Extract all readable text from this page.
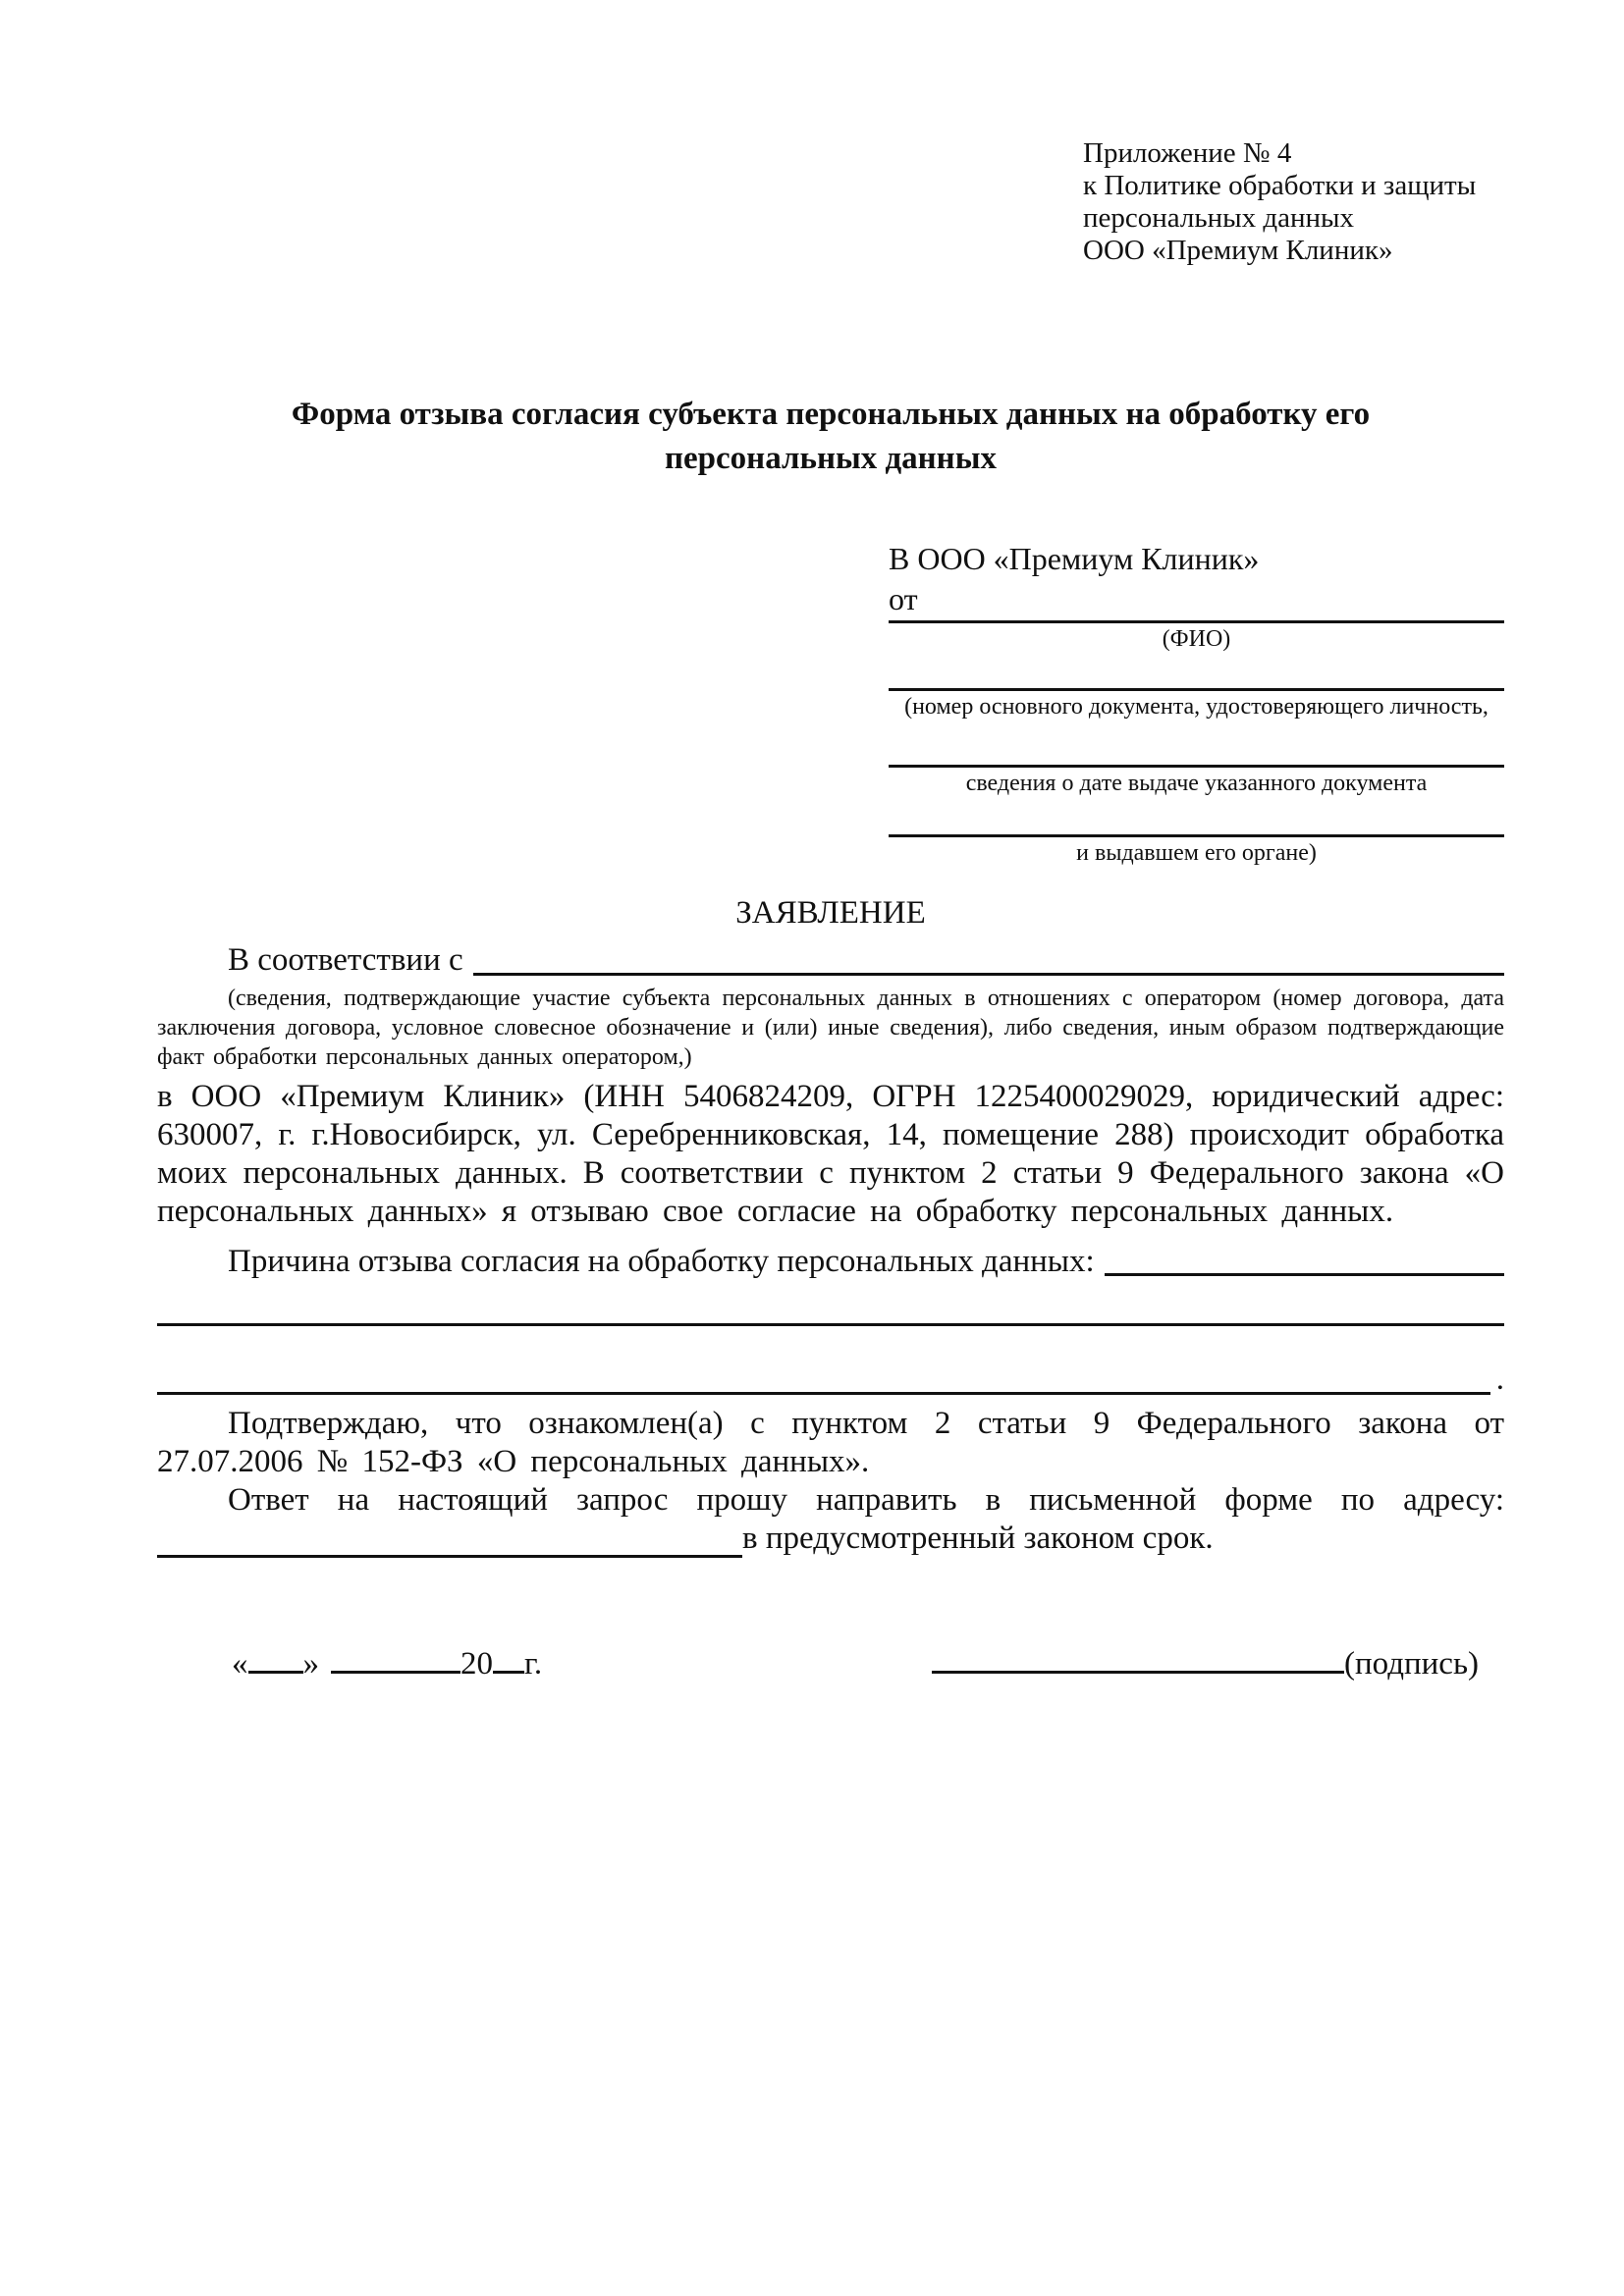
Приложение № 4
к Политике обработки и защиты
персональных данных
ООО «Премиум Клиник»
Форма отзыва согласия субъекта персональных данных на обработку его персональных данных
В ООО «Премиум Клиник»
от
(ФИО)
(номер основного документа, удостоверяющего личность,
сведения о дате выдаче указанного документа
и выдавшем его органе)
ЗАЯВЛЕНИЕ
В соответствии с
(сведения, подтверждающие участие субъекта персональных данных в отношениях с оператором (номер договора, дата заключения договора, условное словесное обозначение и (или) иные сведения), либо сведения, иным образом подтверждающие факт обработки персональных данных оператором,)
в ООО «Премиум Клиник» (ИНН 5406824209, ОГРН 1225400029029, юридический адрес: 630007, г. г.Новосибирск, ул. Серебренниковская, 14, помещение 288) происходит обработка моих персональных данных. В соответствии с пунктом 2 статьи 9 Федерального закона «О персональных данных» я отзываю свое согласие на обработку персональных данных.
Причина отзыва согласия на обработку персональных данных:
.
Подтверждаю, что ознакомлен(а) с пунктом 2 статьи 9 Федерального закона от 27.07.2006 № 152-ФЗ «О персональных данных».
Ответ на настоящий запрос прошу направить в письменной форме по адресу:
в предусмотренный законом срок.
« »	20 г.	(подпись)
